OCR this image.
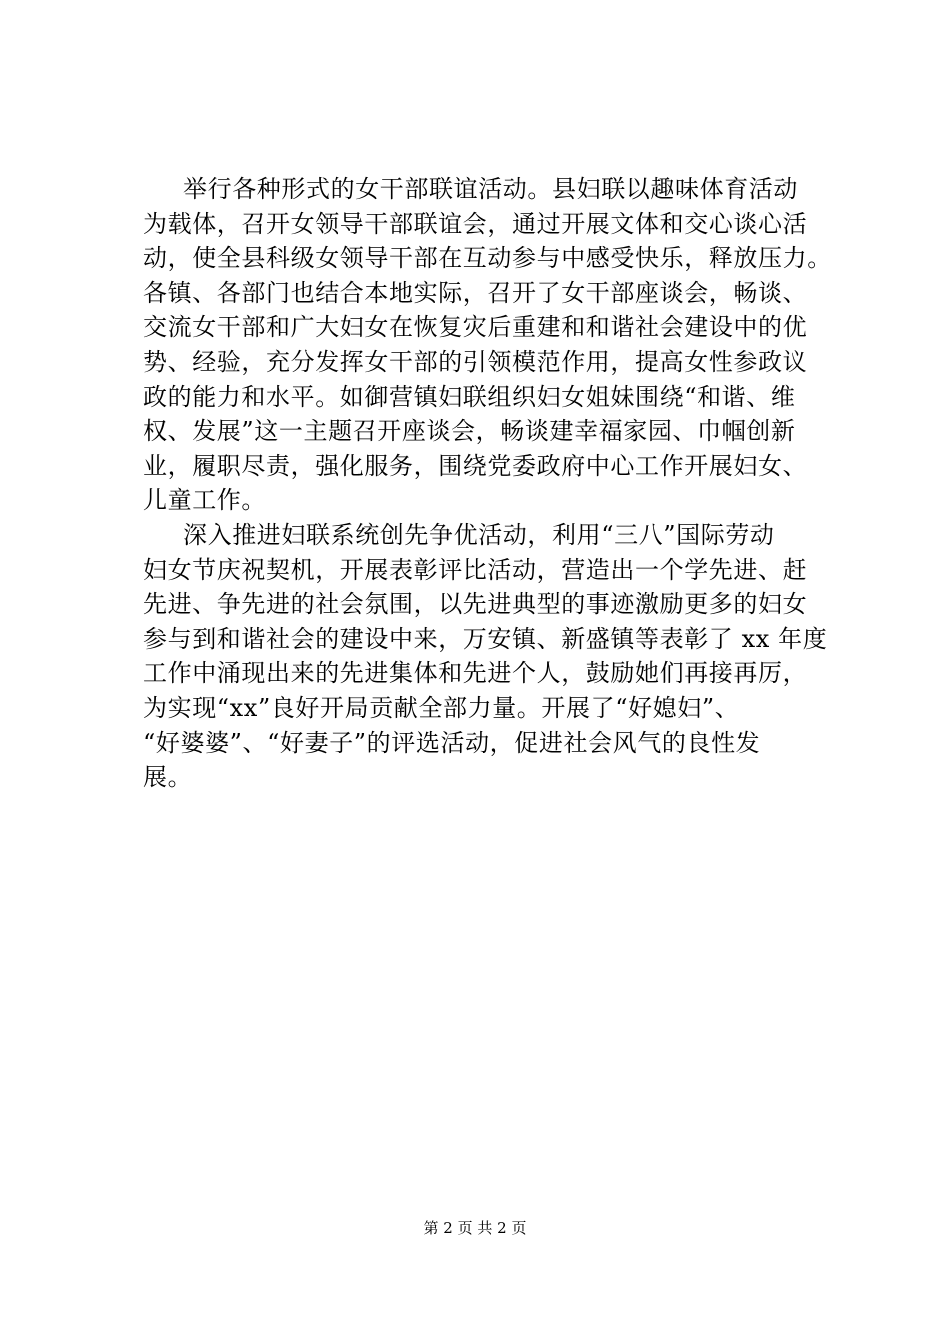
举行各种形式的女干部联谊活动。县妇联以趣味体育活动
为载体，召开女领导干部联谊会，通过开展文体和交心谈心活
动，使全县科级女领导干部在互动参与中感受快乐，释放压力。
各镇、各部门也结合本地实际，召开了女干部座谈会，畅谈、
交流女干部和广大妇女在恢复灾后重建和和谐社会建设中的优
势、经验，充分发挥女干部的引领模范作用，提高女性参政议
政的能力和水平。如御营镇妇联组织妇女姐妹围绕“和谐、维
权、发展”这一主题召开座谈会，畅谈建幸福家园、巾帼创新
业，履职尽责，强化服务，围绕党委政府中心工作开展妇女、
儿童工作。
深入推进妇联系统创先争优活动，利用“三八”国际劳动
妇女节庆祝契机，开展表彰评比活动，营造出一个学先进、赶
先进、争先进的社会氛围，以先进典型的事迹激励更多的妇女
参与到和谐社会的建设中来，万安镇、新盛镇等表彰了 xx 年度
工作中涌现出来的先进集体和先进个人，鼓励她们再接再厉，
为实现“xx”良好开局贡献全部力量。开展了“好媳妇”、
“好婆婆”、“好妻子”的评选活动，促进社会风气的良性发
展。
第 2 页 共 2 页
